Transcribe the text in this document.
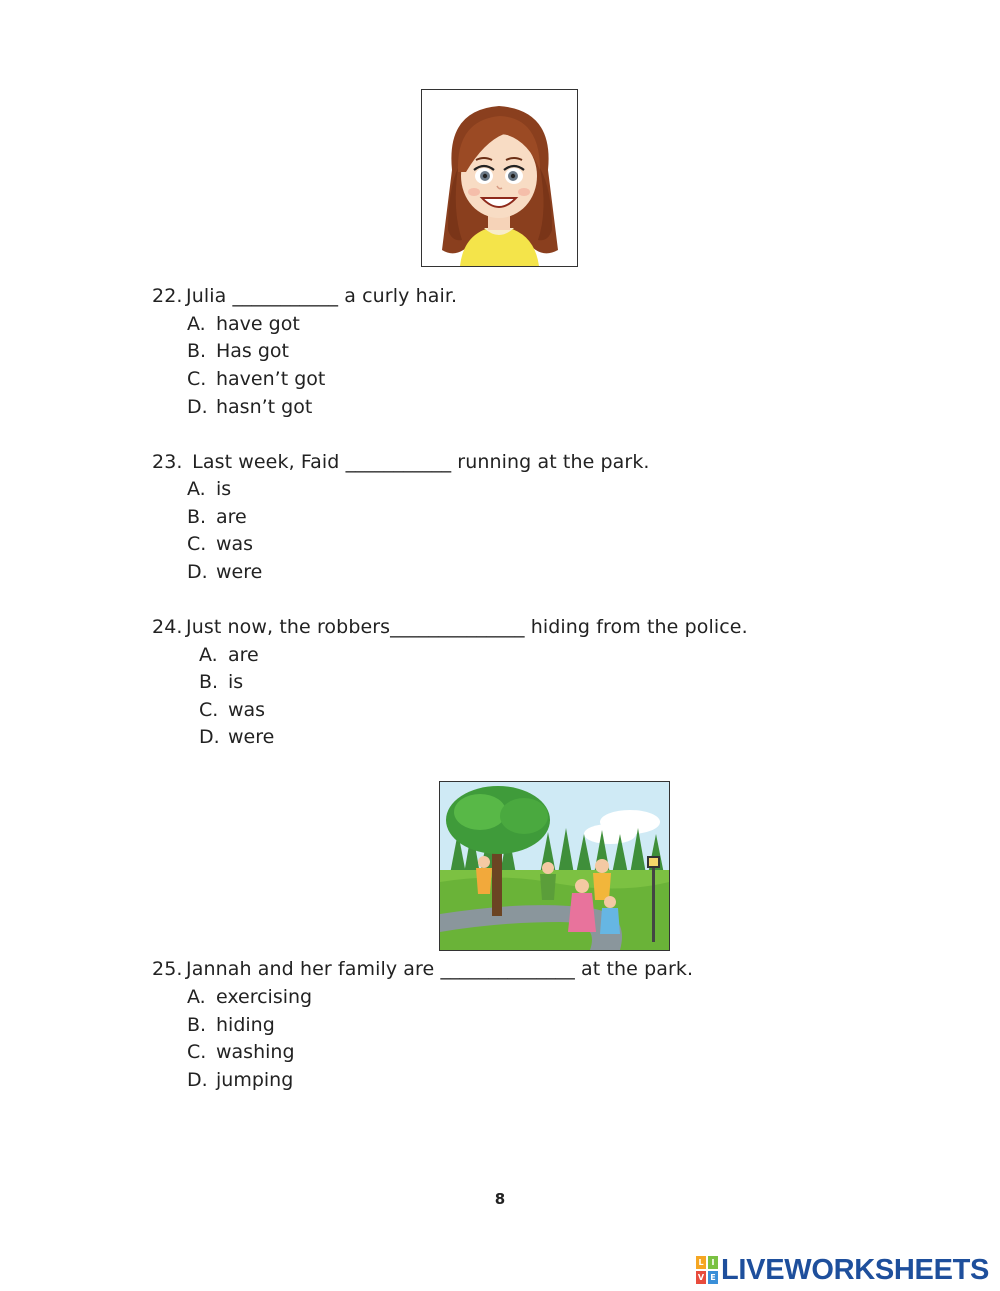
22. Julia ___________ a curly hair.
A. have got
B. Has got
C. haven’t got
D. hasn’t got
23. Last week, Faid ___________ running at the park.
A. is
B. are
C. was
D. were
24. Just now, the robbers______________ hiding from the police.
A. are
B. is
C. was
D. were
25. Jannah and her family are ______________ at the park.
A. exercising
B. hiding
C. washing
D. jumping
8
L I
V E LIVEWORKSHEETS
